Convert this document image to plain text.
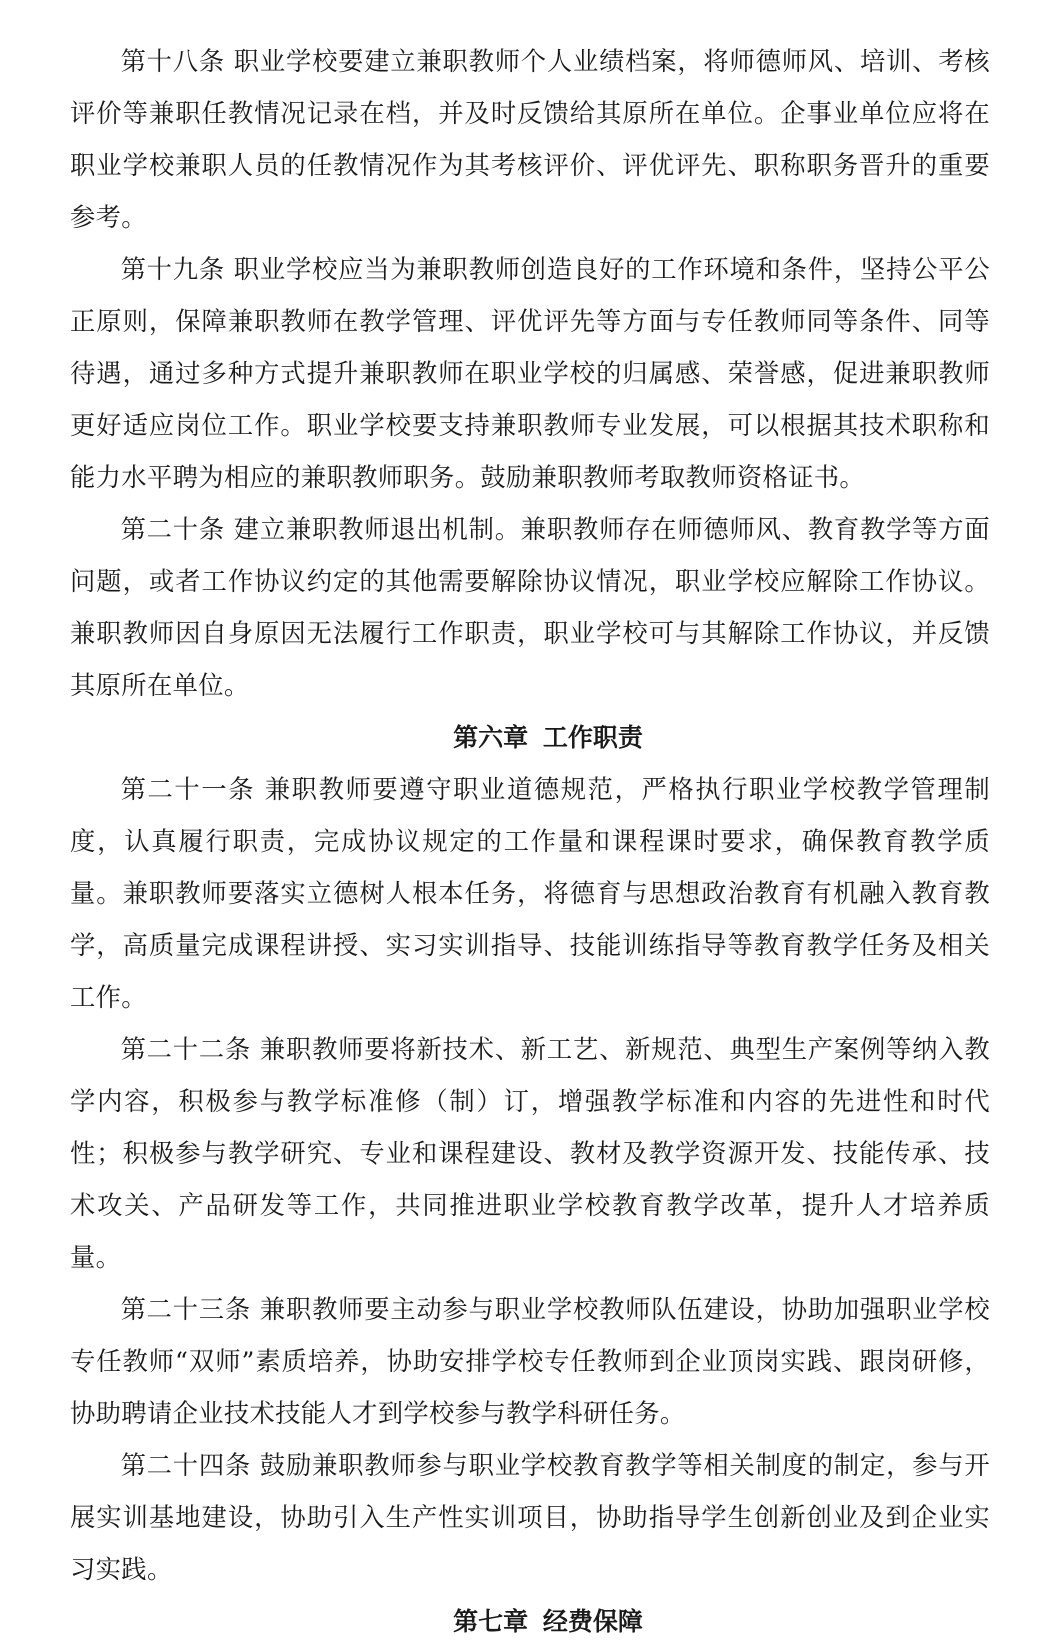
第十八条 职业学校要建立兼职教师个人业绩档案，将师德师风、培训、考核评价等兼职任教情况记录在档，并及时反馈给其原所在单位。企事业单位应将在职业学校兼职人员的任教情况作为其考核评价、评优评先、职称职务晋升的重要参考。

第十九条 职业学校应当为兼职教师创造良好的工作环境和条件，坚持公平公正原则，保障兼职教师在教学管理、评优评先等方面与专任教师同等条件、同等待遇，通过多种方式提升兼职教师在职业学校的归属感、荣誉感，促进兼职教师更好适应岗位工作。职业学校要支持兼职教师专业发展，可以根据其技术职称和能力水平聘为相应的兼职教师职务。鼓励兼职教师考取教师资格证书。

第二十条 建立兼职教师退出机制。兼职教师存在师德师风、教育教学等方面问题，或者工作协议约定的其他需要解除协议情况，职业学校应解除工作协议。兼职教师因自身原因无法履行工作职责，职业学校可与其解除工作协议，并反馈其原所在单位。

第六章 工作职责

第二十一条 兼职教师要遵守职业道德规范，严格执行职业学校教学管理制度，认真履行职责，完成协议规定的工作量和课程课时要求，确保教育教学质量。兼职教师要落实立德树人根本任务，将德育与思想政治教育有机融入教育教学，高质量完成课程讲授、实习实训指导、技能训练指导等教育教学任务及相关工作。

第二十二条 兼职教师要将新技术、新工艺、新规范、典型生产案例等纳入教学内容，积极参与教学标准修（制）订，增强教学标准和内容的先进性和时代性；积极参与教学研究、专业和课程建设、教材及教学资源开发、技能传承、技术攻关、产品研发等工作，共同推进职业学校教育教学改革，提升人才培养质量。

第二十三条 兼职教师要主动参与职业学校教师队伍建设，协助加强职业学校专任教师“双师”素质培养，协助安排学校专任教师到企业顶岗实践、跟岗研修，协助聘请企业技术技能人才到学校参与教学科研任务。

第二十四条 鼓励兼职教师参与职业学校教育教学等相关制度的制定，参与开展实训基地建设，协助引入生产性实训项目，协助指导学生创新创业及到企业实习实践。

第七章 经费保障
